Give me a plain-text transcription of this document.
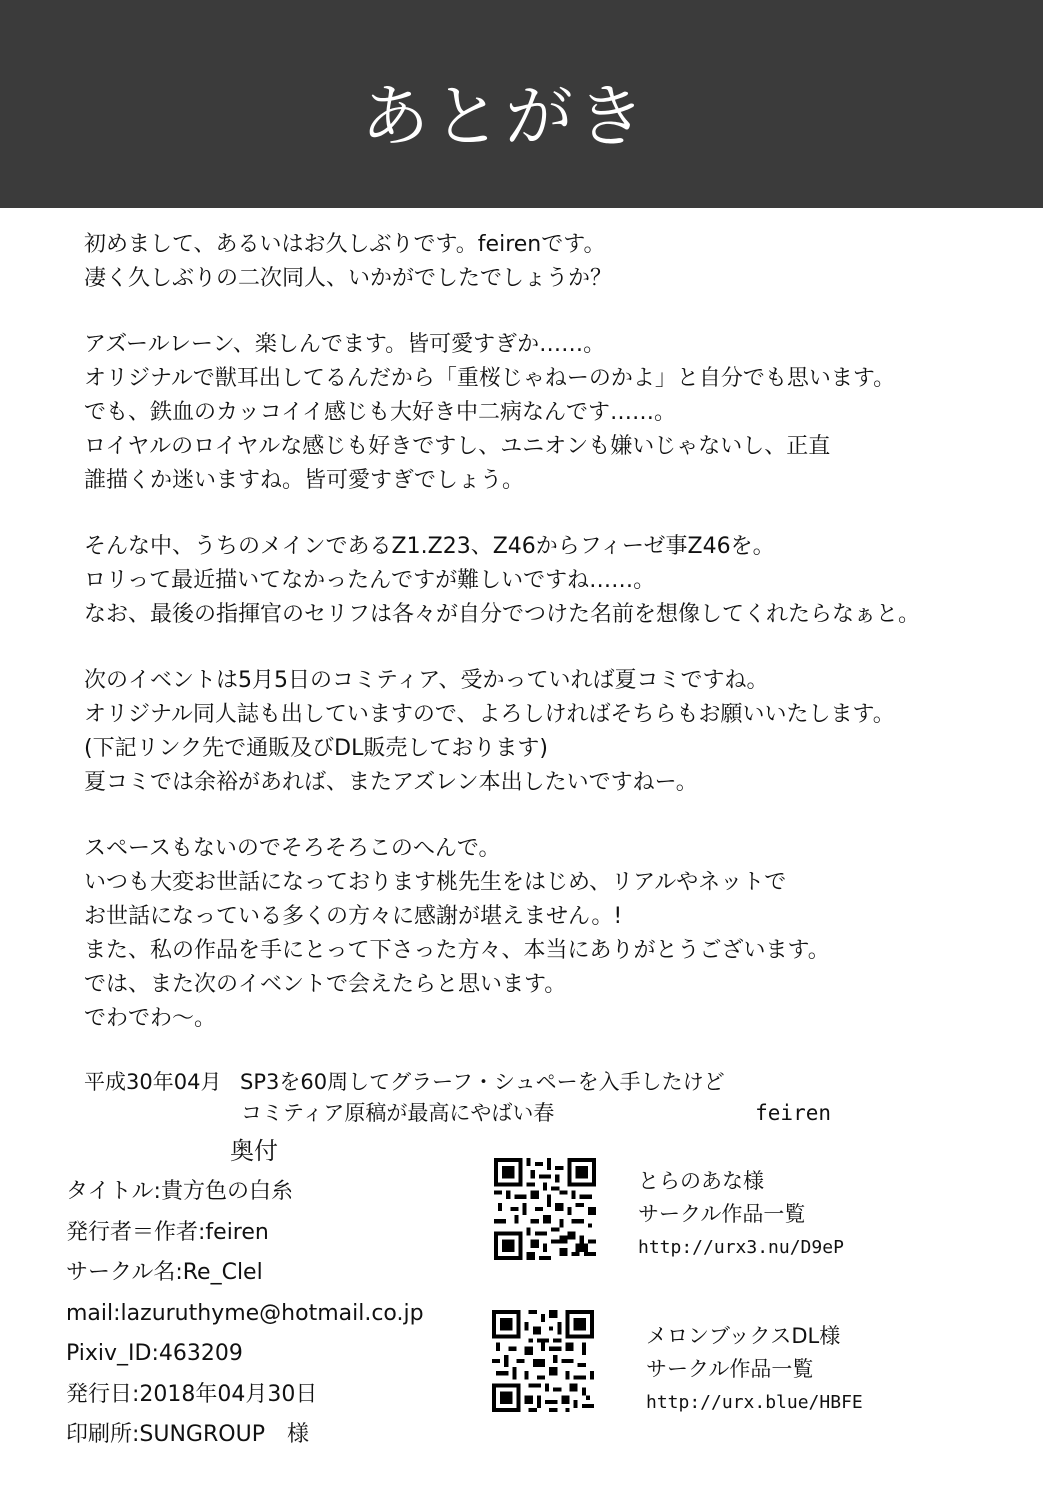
あとがき

初めまして、あるいはお久しぶりです。feirenです。

凄く久しぶりの二次同人、いかがでしたでしょうか？

アズールレーン、楽しんでます。皆可愛すぎか……。

オリジナルで獣耳出してるんだから「重桜じゃねーのかよ」と自分でも思います。

でも、鉄血のカッコイイ感じも大好き中二病なんです……。

ロイヤルのロイヤルな感じも好きですし、ユニオンも嫌いじゃないし、正直

誰描くか迷いますね。皆可愛すぎでしょう。

そんな中、うちのメインであるZ1.Z23、Z46からフィーゼ事Z46を。

ロリって最近描いてなかったんですが難しいですね……。

なお、最後の指揮官のセリフは各々が自分でつけた名前を想像してくれたらなぁと。

次のイベントは5月5日のコミティア、受かっていれば夏コミですね。

オリジナル同人誌も出していますので、よろしければそちらもお願いいたします。

(下記リンク先で通販及びDL販売しております)

夏コミでは余裕があれば、またアズレン本出したいですねー。

スペースもないのでそろそろこのへんで。

いつも大変お世話になっております桃先生をはじめ、リアルやネットで

お世話になっている多くの方々に感謝が堪えません。!

また、私の作品を手にとって下さった方々、本当にありがとうございます。

では、また次のイベントで会えたらと思います。

でわでわ～。

平成30年04月 SP3を60周してグラーフ・シュペーを入手したけど
コミティア原稿が最高にやばい春	feiren
奥付
タイトル:貴方色の白糸
発行者＝作者:feiren
サークル名:Re_Clel
mail:lazuruthyme@hotmail.co.jp
Pixiv_ID:463209
発行日:2018年04月30日
印刷所:SUNGROUP　様
とらのあな様
サークル作品一覧
http://urx3.nu/D9eP
メロンブックスDL様
サークル作品一覧
http://urx.blue/HBFE
